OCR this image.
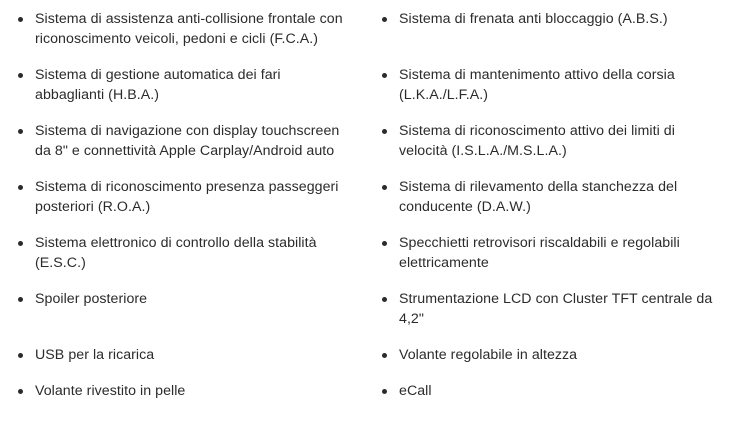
Sistema di assistenza anti-collisione frontale con
riconoscimento veicoli, pedoni e cicli (F.C.A.)
Sistema di gestione automatica dei fari
abbaglianti (H.B.A.)
Sistema di navigazione con display touchscreen
da 8" e connettività Apple Carplay/Android auto
Sistema di riconoscimento presenza passeggeri
posteriori (R.O.A.)
Sistema elettronico di controllo della stabilità
(E.S.C.)
Spoiler posteriore
USB per la ricarica
Volante rivestito in pelle
Sistema di frenata anti bloccaggio (A.B.S.)
Sistema di mantenimento attivo della corsia
(L.K.A./L.F.A.)
Sistema di riconoscimento attivo dei limiti di
velocità (I.S.L.A./M.S.L.A.)
Sistema di rilevamento della stanchezza del
conducente (D.A.W.)
Specchietti retrovisori riscaldabili e regolabili
elettricamente
Strumentazione LCD con Cluster TFT centrale da
4,2"
Volante regolabile in altezza
eCall
